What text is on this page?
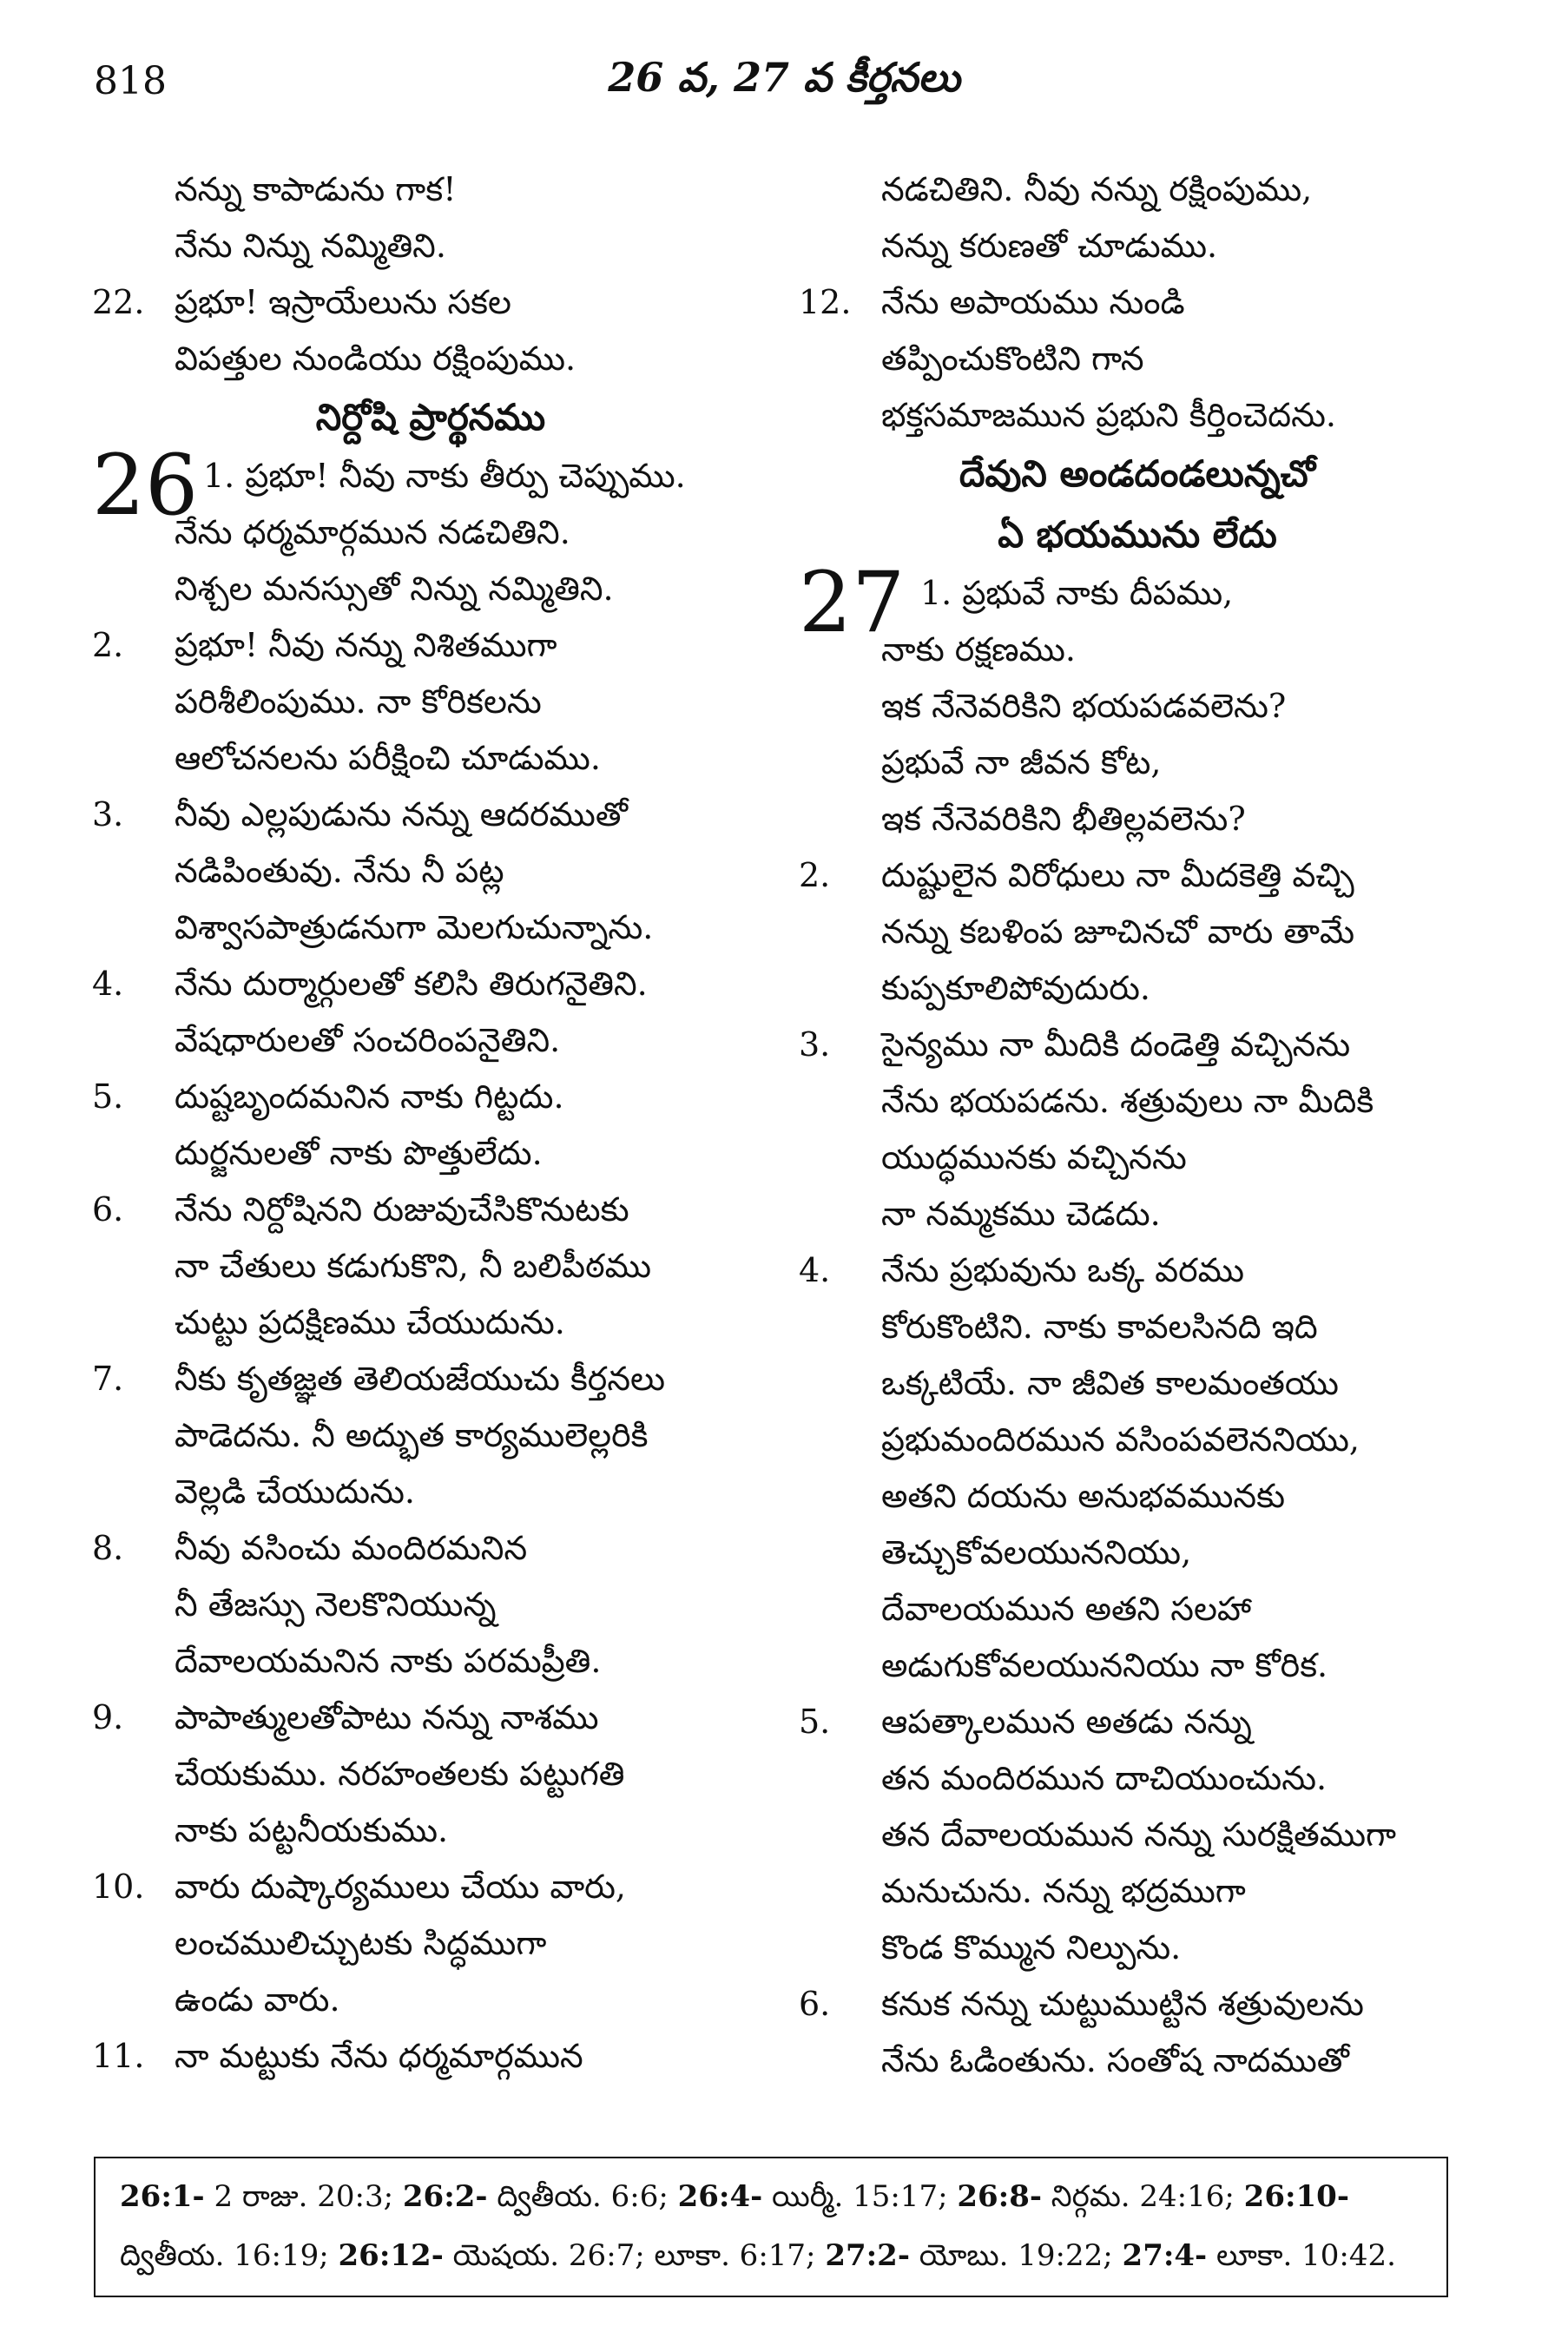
818	26 వ, 27 వ కీర్తనలు
నన్ను కాపాడును గాక!
నేను నిన్ను నమ్మితిని.
22. ప్రభూ! ఇస్రాయేలును సకల
విపత్తుల నుండియు రక్షింపుము.
నిర్దోషి ప్రార్థనము
26 1. ప్రభూ! నీవు నాకు తీర్పు చెప్పుము.
నేను ధర్మమార్గమున నడచితిని.
నిశ్చల మనస్సుతో నిన్ను నమ్మితిని.
2. ప్రభూ! నీవు నన్ను నిశితముగా
పరిశీలింపుము. నా కోరికలను
ఆలోచనలను పరీక్షించి చూడుము.
3. నీవు ఎల్లపుడును నన్ను ఆదరముతో
నడిపింతువు. నేను నీ పట్ల
విశ్వాసపాత్రుడనుగా మెలగుచున్నాను.
4. నేను దుర్మార్గులతో కలిసి తిరుగనైతిని.
వేషధారులతో సంచరింపనైతిని.
5. దుష్టబృందమనిన నాకు గిట్టదు.
దుర్జనులతో నాకు పొత్తులేదు.
6. నేను నిర్దోషినని రుజువుచేసికొనుటకు
నా చేతులు కడుగుకొని, నీ బలిపీఠము
చుట్టు ప్రదక్షిణము చేయుదును.
7. నీకు కృతజ్ఞత తెలియజేయుచు కీర్తనలు
పాడెదను. నీ అద్భుత కార్యములెల్లరికి
వెల్లడి చేయుదును.
8. నీవు వసించు మందిరమనిన
నీ తేజస్సు నెలకొనియున్న
దేవాలయమనిన నాకు పరమప్రీతి.
9. పాపాత్ములతోపాటు నన్ను నాశము
చేయకుము. నరహంతలకు పట్టుగతి
నాకు పట్టనీయకుము.
10. వారు దుష్కార్యములు చేయు వారు,
లంచములిచ్చుటకు సిద్ధముగా
ఉండు వారు.
11. నా మట్టుకు నేను ధర్మమార్గమున
నడచితిని. నీవు నన్ను రక్షింపుము,
నన్ను కరుణతో చూడుము.
12. నేను అపాయము నుండి
తప్పించుకొంటిని గాన
భక్తసమాజమున ప్రభుని కీర్తించెదను.
దేవుని అండదండలున్నచో
ఏ భయమును లేదు
27 1. ప్రభువే నాకు దీపము,
నాకు రక్షణము.
ఇక నేనెవరికిని భయపడవలెను?
ప్రభువే నా జీవన కోట,
ఇక నేనెవరికిని భీతిల్లవలెను?
2. దుష్టులైన విరోధులు నా మీదకెత్తి వచ్చి
నన్ను కబళింప జూచినచో వారు తామే
కుప్పకూలిపోవుదురు.
3. సైన్యము నా మీదికి దండెత్తి వచ్చినను
నేను భయపడను. శత్రువులు నా మీదికి
యుద్ధమునకు వచ్చినను
నా నమ్మకము చెడదు.
4. నేను ప్రభువును ఒక్క వరము
కోరుకొంటిని. నాకు కావలసినది ఇది
ఒక్కటియే. నా జీవిత కాలమంతయు
ప్రభుమందిరమున వసింపవలెననియు,
అతని దయను అనుభవమునకు
తెచ్చుకోవలయుననియు,
దేవాలయమున అతని సలహా
అడుగుకోవలయుననియు నా కోరిక.
5. ఆపత్కాలమున అతడు నన్ను
తన మందిరమున దాచియుంచును.
తన దేవాలయమున నన్ను సురక్షితముగా
మనుచును. నన్ను భద్రముగా
కొండ కొమ్మున నిల్పును.
6. కనుక నన్ను చుట్టుముట్టిన శత్రువులను
నేను ఓడింతును. సంతోష నాదముతో
26:1- 2 రాజు. 20:3; 26:2- ద్వితీయ. 6:6; 26:4- యిర్మీ. 15:17; 26:8- నిర్గమ. 24:16; 26:10-
ద్వితీయ. 16:19; 26:12- యెషయ. 26:7; లూకా. 6:17; 27:2- యోబు. 19:22; 27:4- లూకా. 10:42.
